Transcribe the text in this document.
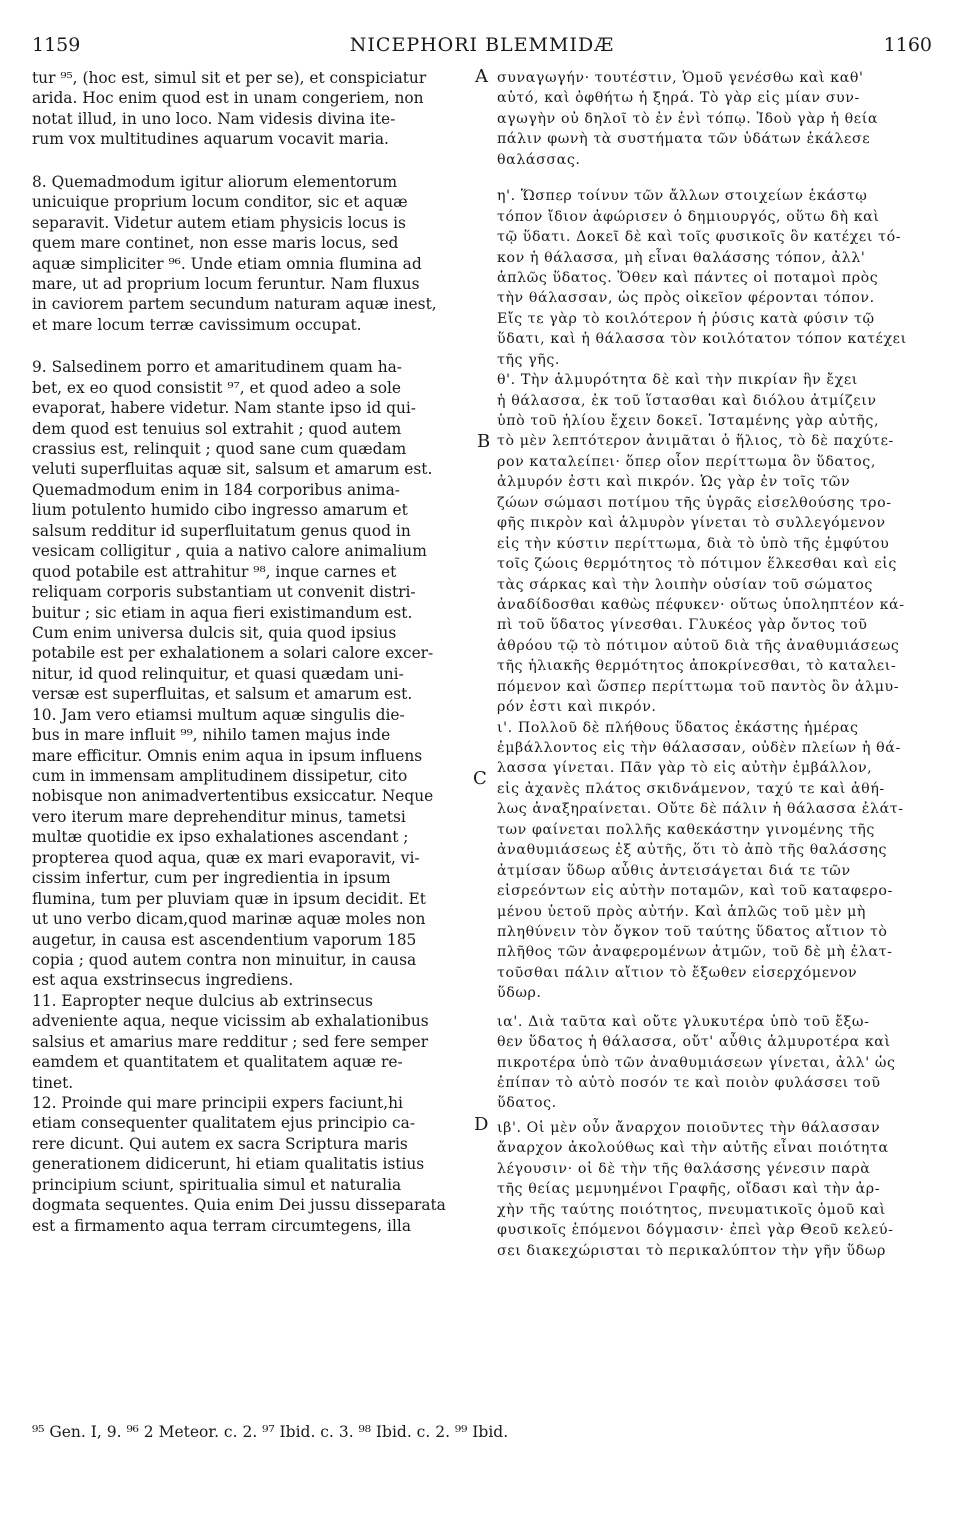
1159	NICEPHORI BLEMMIDÆ	1160
tur ⁹⁵, (hoc est, simul sit et per se), et conspiciatur
arida. Hoc enim quod est in unam congeriem, non
notat illud, in uno loco. Nam videsis divina ite-
rum vox multitudines aquarum vocavit maria.
8. Quemadmodum igitur aliorum elementorum
unicuique proprium locum conditor, sic et aquæ
separavit. Videtur autem etiam physicis locus is
quem mare continet, non esse maris locus, sed
aquæ simpliciter ⁹⁶. Unde etiam omnia flumina ad
mare, ut ad proprium locum feruntur. Nam fluxus
in caviorem partem secundum naturam aquæ inest,
et mare locum terræ cavissimum occupat.
9. Salsedinem porro et amaritudinem quam ha-
bet, ex eo quod consistit ⁹⁷, et quod adeo a sole
evaporat, habere videtur. Nam stante ipso id qui-
dem quod est tenuius sol extrahit ; quod autem
crassius est, relinquit ; quod sane cum quædam
veluti superfluitas aquæ sit, salsum et amarum est.
Quemadmodum enim in 184 corporibus anima-
lium potulento humido cibo ingresso amarum et
salsum redditur id superfluitatum genus quod in
vesicam colligitur , quia a nativo calore animalium
quod potabile est attrahitur ⁹⁸, inque carnes et
reliquam corporis substantiam ut convenit distri-
buitur ; sic etiam in aqua fieri existimandum est.
Cum enim universa dulcis sit, quia quod ipsius
potabile est per exhalationem a solari calore excer-
nitur, id quod relinquitur, et quasi quædam uni-
versæ est superfluitas, et salsum et amarum est.
10. Jam vero etiamsi multum aquæ singulis die-
bus in mare influit ⁹⁹, nihilo tamen majus inde
mare efficitur. Omnis enim aqua in ipsum influens
cum in immensam amplitudinem dissipetur, cito
nobisque non animadvertentibus exsiccatur. Neque
vero iterum mare deprehenditur minus, tametsi
multæ quotidie ex ipso exhalationes ascendant ;
propterea quod aqua, quæ ex mari evaporavit, vi-
cissim infertur, cum per ingredientia in ipsum
flumina, tum per pluviam quæ in ipsum decidit. Et
ut uno verbo dicam,quod marinæ aquæ moles non
augetur, in causa est ascendentium vaporum 185
copia ; quod autem contra non minuitur, in causa
est aqua exstrinsecus ingrediens.
11. Eapropter neque dulcius ab extrinsecus
adveniente aqua, neque vicissim ab exhalationibus
salsius et amarius mare redditur ; sed fere semper
eamdem et quantitatem et qualitatem aquæ re-
tinet.
12. Proinde qui mare principii expers faciunt,hi
etiam consequenter qualitatem ejus principio ca-
rere dicunt. Qui autem ex sacra Scriptura maris
generationem didicerunt, hi etiam qualitatis istius
principium sciunt, spiritualia simul et naturalia
dogmata sequentes. Quia enim Dei jussu disseparata
est a firmamento aqua terram circumtegens, illa
συναγωγήν· τουτέστιν, Ὁμοῦ γενέσθω καὶ καθ'
αὑτό, καὶ ὀφθήτω ἡ ξηρά. Τὸ γὰρ εἰς μίαν συν-
αγωγὴν οὐ δηλοῖ τὸ ἐν ἑνὶ τόπῳ. Ἰδοὺ γὰρ ἡ θεία
πάλιν φωνὴ τὰ συστήματα τῶν ὑδάτων ἐκάλεσε
θαλάσσας.
η'. Ὥσπερ τοίνυν τῶν ἄλλων στοιχείων ἑκάστῳ
τόπον ἴδιον ἀφώρισεν ὁ δημιουργός, οὕτω δὴ καὶ
τῷ ὕδατι. Δοκεῖ δὲ καὶ τοῖς φυσικοῖς ὃν κατέχει τό-
κον ἡ θάλασσα, μὴ εἶναι θαλάσσης τόπον, ἀλλ'
ἁπλῶς ὕδατος. Ὅθεν καὶ πάντες οἱ ποταμοὶ πρὸς
τὴν θάλασσαν, ὡς πρὸς οἰκεῖον φέρονται τόπον.
Εἴς τε γὰρ τὸ κοιλότερον ἡ ῥύσις κατὰ φύσιν τῷ
ὕδατι, καὶ ἡ θάλασσα τὸν κοιλότατον τόπον κατέχει
τῆς γῆς.
θ'. Τὴν ἁλμυρότητα δὲ καὶ τὴν πικρίαν ἣν ἔχει
ἡ θάλασσα, ἐκ τοῦ ἵστασθαι καὶ διόλου ἀτμίζειν
ὑπὸ τοῦ ἡλίου ἔχειν δοκεῖ. Ἱσταμένης γὰρ αὐτῆς,
τὸ μὲν λεπτότερον ἀνιμᾶται ὁ ἥλιος, τὸ δὲ παχύτε-
ρον καταλείπει· ὅπερ οἷον περίττωμα ὂν ὕδατος,
ἁλμυρόν ἐστι καὶ πικρόν. Ὡς γὰρ ἐν τοῖς τῶν
ζώων σώμασι ποτίμου τῆς ὑγρᾶς εἰσελθούσης τρο-
φῆς πικρὸν καὶ ἁλμυρὸν γίνεται τὸ συλλεγόμενον
εἰς τὴν κύστιν περίττωμα, διὰ τὸ ὑπὸ τῆς ἐμφύτου
τοῖς ζώοις θερμότητος τὸ πότιμον ἕλκεσθαι καὶ εἰς
τὰς σάρκας καὶ τὴν λοιπὴν οὐσίαν τοῦ σώματος
ἀναδίδοσθαι καθὼς πέφυκεν· οὕτως ὑποληπτέον κά-
πὶ τοῦ ὕδατος γίνεσθαι. Γλυκέος γὰρ ὄντος τοῦ
ἀθρόου τῷ τὸ πότιμον αὐτοῦ διὰ τῆς ἀναθυμιάσεως
τῆς ἡλιακῆς θερμότητος ἀποκρίνεσθαι, τὸ καταλει-
πόμενον καὶ ὥσπερ περίττωμα τοῦ παντὸς ὂν ἁλμυ-
ρόν ἐστι καὶ πικρόν.
ι'. Πολλοῦ δὲ πλήθους ὕδατος ἑκάστης ἡμέρας
ἐμβάλλοντος εἰς τὴν θάλασσαν, οὐδὲν πλείων ἡ θά-
λασσα γίνεται. Πᾶν γὰρ τὸ εἰς αὐτὴν ἐμβάλλον,
εἰς ἀχανὲς πλάτος σκιδνάμενον, ταχύ τε καὶ ἀθή-
λως ἀναξηραίνεται. Οὔτε δὲ πάλιν ἡ θάλασσα ἐλάτ-
των φαίνεται πολλῆς καθεκάστην γινομένης τῆς
ἀναθυμιάσεως ἐξ αὐτῆς, ὅτι τὸ ἀπὸ τῆς θαλάσσης
ἀτμίσαν ὕδωρ αὖθις ἀντεισάγεται διά τε τῶν
εἰσρεόντων εἰς αὐτὴν ποταμῶν, καὶ τοῦ καταφερο-
μένου ὑετοῦ πρὸς αὐτήν. Καὶ ἁπλῶς τοῦ μὲν μὴ
πληθύνειν τὸν ὄγκον τοῦ ταύτης ὕδατος αἴτιον τὸ
πλῆθος τῶν ἀναφερομένων ἀτμῶν, τοῦ δὲ μὴ ἐλατ-
τοῦσθαι πάλιν αἴτιον τὸ ἔξωθεν εἰσερχόμενον
ὕδωρ.
ια'. Διὰ ταῦτα καὶ οὔτε γλυκυτέρα ὑπὸ τοῦ ἔξω-
θεν ὕδατος ἡ θάλασσα, οὔτ' αὖθις ἁλμυροτέρα καὶ
πικροτέρα ὑπὸ τῶν ἀναθυμιάσεων γίνεται, ἀλλ' ὡς
ἐπίπαν τὸ αὐτὸ ποσόν τε καὶ ποιὸν φυλάσσει τοῦ
ὕδατος.
ιβ'. Οἱ μὲν οὖν ἄναρχον ποιοῦντες τὴν θάλασσαν
ἄναρχον ἀκολούθως καὶ τὴν αὐτῆς εἶναι ποιότητα
λέγουσιν· οἱ δὲ τὴν τῆς θαλάσσης γένεσιν παρὰ
τῆς θείας μεμυημένοι Γραφῆς, οἴδασι καὶ τὴν ἀρ-
χὴν τῆς ταύτης ποιότητος, πνευματικοῖς ὁμοῦ καὶ
φυσικοῖς ἑπόμενοι δόγμασιν· ἐπεὶ γὰρ Θεοῦ κελεύ-
σει διακεχώρισται τὸ περικαλύπτον τὴν γῆν ὕδωρ
A
B
C
D
⁹⁵ Gen. I, 9. ⁹⁶ 2 Meteor. c. 2. ⁹⁷ Ibid. c. 3. ⁹⁸ Ibid. c. 2. ⁹⁹ Ibid.
